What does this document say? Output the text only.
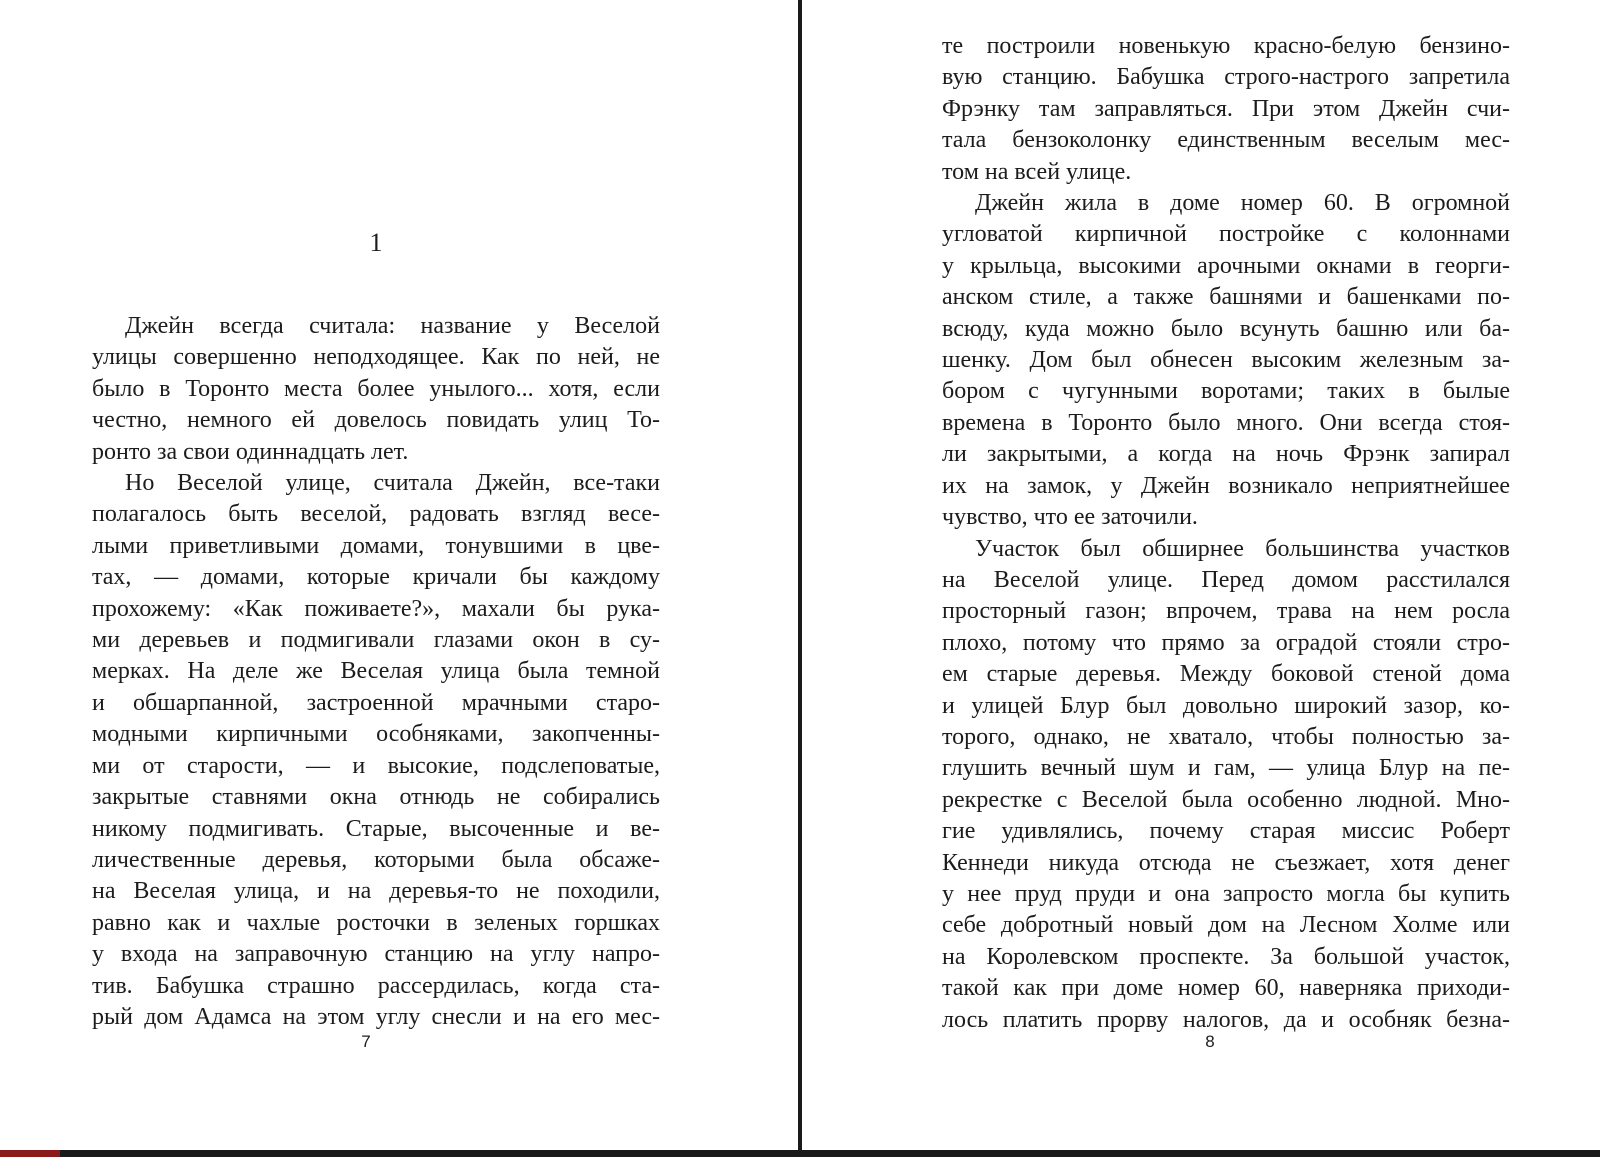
1
Джейн всегда считала: название у Веселой
улицы совершенно неподходящее. Как по ней, не
было в Торонто места более унылого... хотя, если
честно, немного ей довелось повидать улиц То-
ронто за свои одиннадцать лет.
Но Веселой улице, считала Джейн, все-таки
полагалось быть веселой, радовать взгляд весе-
лыми приветливыми домами, тонувшими в цве-
тах, — домами, которые кричали бы каждому
прохожему: «Как поживаете?», махали бы рука-
ми деревьев и подмигивали глазами окон в су-
мерках. На деле же Веселая улица была темной
и обшарпанной, застроенной мрачными старо-
модными кирпичными особняками, закопченны-
ми от старости, — и высокие, подслеповатые,
закрытые ставнями окна отнюдь не собирались
никому подмигивать. Старые, высоченные и ве-
личественные деревья, которыми была обсаже-
на Веселая улица, и на деревья-то не походили,
равно как и чахлые росточки в зеленых горшках
у входа на заправочную станцию на углу напро-
тив. Бабушка страшно рассердилась, когда ста-
рый дом Адамса на этом углу снесли и на его мес-
7
те построили новенькую красно-белую бензино-
вую станцию. Бабушка строго-настрого запретила
Фрэнку там заправляться. При этом Джейн счи-
тала бензоколонку единственным веселым мес-
том на всей улице.
Джейн жила в доме номер 60. В огромной
угловатой кирпичной постройке с колоннами
у крыльца, высокими арочными окнами в георги-
анском стиле, а также башнями и башенками по-
всюду, куда можно было всунуть башню или ба-
шенку. Дом был обнесен высоким железным за-
бором с чугунными воротами; таких в былые
времена в Торонто было много. Они всегда стоя-
ли закрытыми, а когда на ночь Фрэнк запирал
их на замок, у Джейн возникало неприятнейшее
чувство, что ее заточили.
Участок был обширнее большинства участков
на Веселой улице. Перед домом расстилался
просторный газон; впрочем, трава на нем росла
плохо, потому что прямо за оградой стояли стро-
ем старые деревья. Между боковой стеной дома
и улицей Блур был довольно широкий зазор, ко-
торого, однако, не хватало, чтобы полностью за-
глушить вечный шум и гам, — улица Блур на пе-
рекрестке с Веселой была особенно людной. Мно-
гие удивлялись, почему старая миссис Роберт
Кеннеди никуда отсюда не съезжает, хотя денег
у нее пруд пруди и она запросто могла бы купить
себе добротный новый дом на Лесном Холме или
на Королевском проспекте. За большой участок,
такой как при доме номер 60, наверняка приходи-
лось платить прорву налогов, да и особняк безна-
8
